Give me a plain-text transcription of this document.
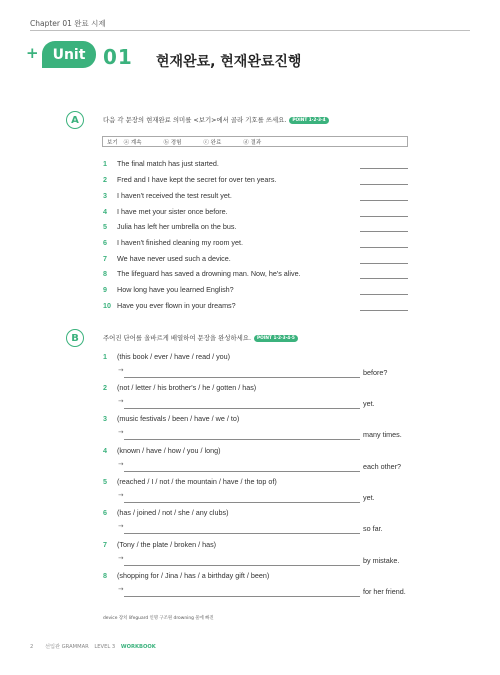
Chapter 01 완료 시제
+	Unit 01 현재완료, 현재완료진행
A	다음 각 문장의 현재완료 의미를 <보기>에서 골라 기호를 쓰세요. POINT 1·2·3·4
보기 ⓐ 계속	ⓑ 경험	ⓒ 완료	ⓓ 결과
1 The final match has just started.
2 Fred and I have kept the secret for over ten years.
3 I haven't received the test result yet.
4 I have met your sister once before.
5 Julia has left her umbrella on the bus.
6 I haven't finished cleaning my room yet.
7 We have never used such a device.
8 The lifeguard has saved a drowning man. Now, he's alive.
9 How long have you learned English?
10 Have you ever flown in your dreams?
B	주어진 단어를 올바르게 배열하여 문장을 완성하세요. POINT 1·2·3·4·5
1 (this book / ever / have / read / you)
→	before?
2 (not / letter / his brother's / he / gotten / has)
→	yet.
3 (music festivals / been / have / we / to)
→	many times.
4 (known / have / how / you / long)
→	each other?
5 (reached / I / not / the mountain / have / the top of)
→	yet.
6 (has / joined / not / she / any clubs)
→	so far.
7 (Tony / the plate / broken / has)
→	by mistake.
8 (shopping for / Jina / has / a birthday gift / been)
→	for her friend.
device 장치 lifeguard 인명 구조원 drowning 물에 빠진
2 선입관 GRAMMAR LEVEL 3 WORKBOOK
